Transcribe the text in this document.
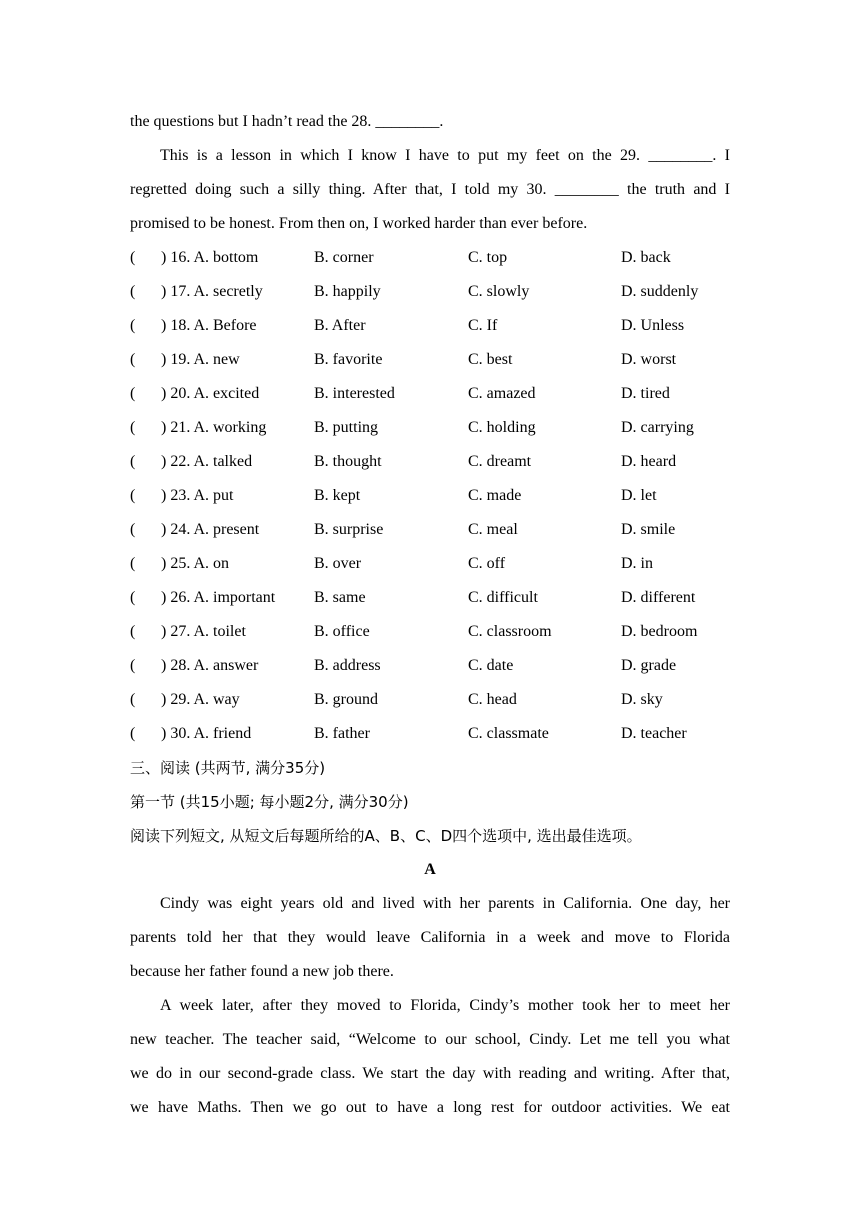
the questions but I hadn’t read the 28. ________.
This is a lesson in which I know I have to put my feet on the 29. ________. I
regretted doing such a silly thing. After that, I told my 30. ________ the truth and I
promised to be honest. From then on, I worked harder than ever before.
( ) 16. A. bottom	B. corner	C. top	D. back
( ) 17. A. secretly	B. happily	C. slowly	D. suddenly
( ) 18. A. Before	B. After	C. If	D. Unless
( ) 19. A. new	B. favorite	C. best	D. worst
( ) 20. A. excited	B. interested	C. amazed	D. tired
( ) 21. A. working	B. putting	C. holding	D. carrying
( ) 22. A. talked	B. thought	C. dreamt	D. heard
( ) 23. A. put	B. kept	C. made	D. let
( ) 24. A. present	B. surprise	C. meal	D. smile
( ) 25. A. on	B. over	C. off	D. in
( ) 26. A. important B. same	C. difficult	D. different
( ) 27. A. toilet	B. office	C. classroom	D. bedroom
( ) 28. A. answer	B. address	C. date	D. grade
( ) 29. A. way	B. ground	C. head	D. sky
( ) 30. A. friend	B. father	C. classmate	D. teacher
三、阅读 (共两节, 满分35分)
第一节 (共15小题; 每小题2分, 满分30分)
阅读下列短文, 从短文后每题所给的A、B、C、D四个选项中, 选出最佳选项。
A
Cindy was eight years old and lived with her parents in California. One day, her
parents told her that they would leave California in a week and move to Florida
because her father found a new job there.
A week later, after they moved to Florida, Cindy’s mother took her to meet her
new teacher. The teacher said, “Welcome to our school, Cindy. Let me tell you what
we do in our second-grade class. We start the day with reading and writing. After that,
we have Maths. Then we go out to have a long rest for outdoor activities. We eat
